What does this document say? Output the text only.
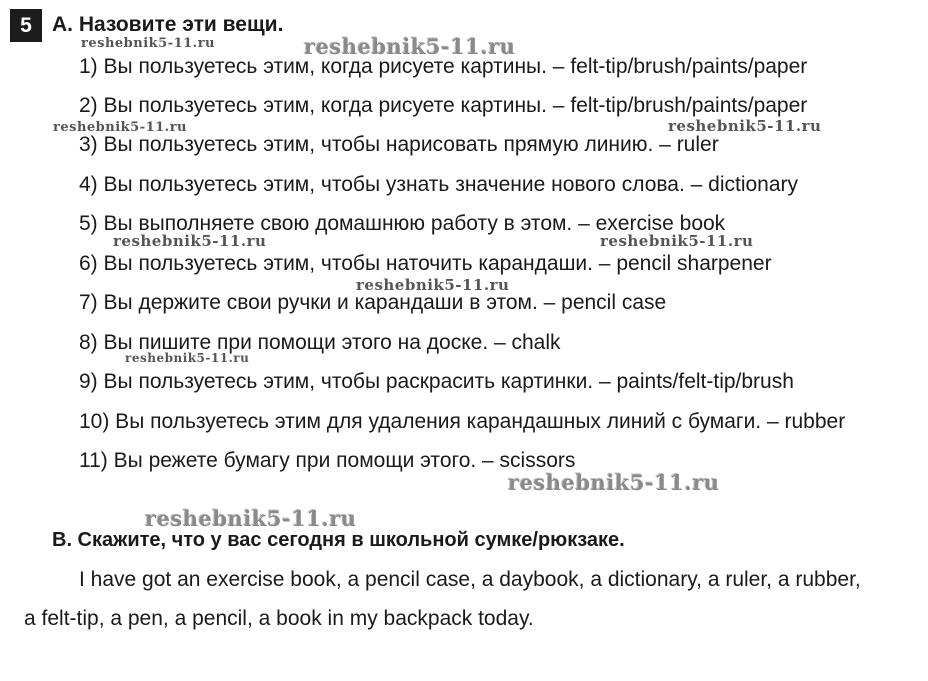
5 A. Назовите эти вещи.
1) Вы пользуетесь этим, когда рисуете картины. – felt-tip/brush/paints/paper
2) Вы пользуетесь этим, когда рисуете картины. – felt-tip/brush/paints/paper
3) Вы пользуетесь этим, чтобы нарисовать прямую линию. – ruler
4) Вы пользуетесь этим, чтобы узнать значение нового слова. – dictionary
5) Вы выполняете свою домашнюю работу в этом. – exercise book
6) Вы пользуетесь этим, чтобы наточить карандаши. – pencil sharpener
7) Вы держите свои ручки и карандаши в этом. – pencil case
8) Вы пишите при помощи этого на доске. – chalk
9) Вы пользуетесь этим, чтобы раскрасить картинки. – paints/felt-tip/brush
10) Вы пользуетесь этим для удаления карандашных линий с бумаги. – rubber
11) Вы режете бумагу при помощи этого. – scissors
B. Скажите, что у вас сегодня в школьной сумке/рюкзаке.
I have got an exercise book, a pencil case, a daybook, a dictionary, a ruler, a rubber,
a felt-tip, a pen, a pencil, a book in my backpack today.
reshebnik5-11.ru	reshebnik5-11.ru
reshebnik5-11.ru	reshebnik5-11.ru
reshebnik5-11.ru	reshebnik5-11.ru
reshebnik5-11.ru
reshebnik5-11.ru
reshebnik5-11.ru
reshebnik5-11.ru
